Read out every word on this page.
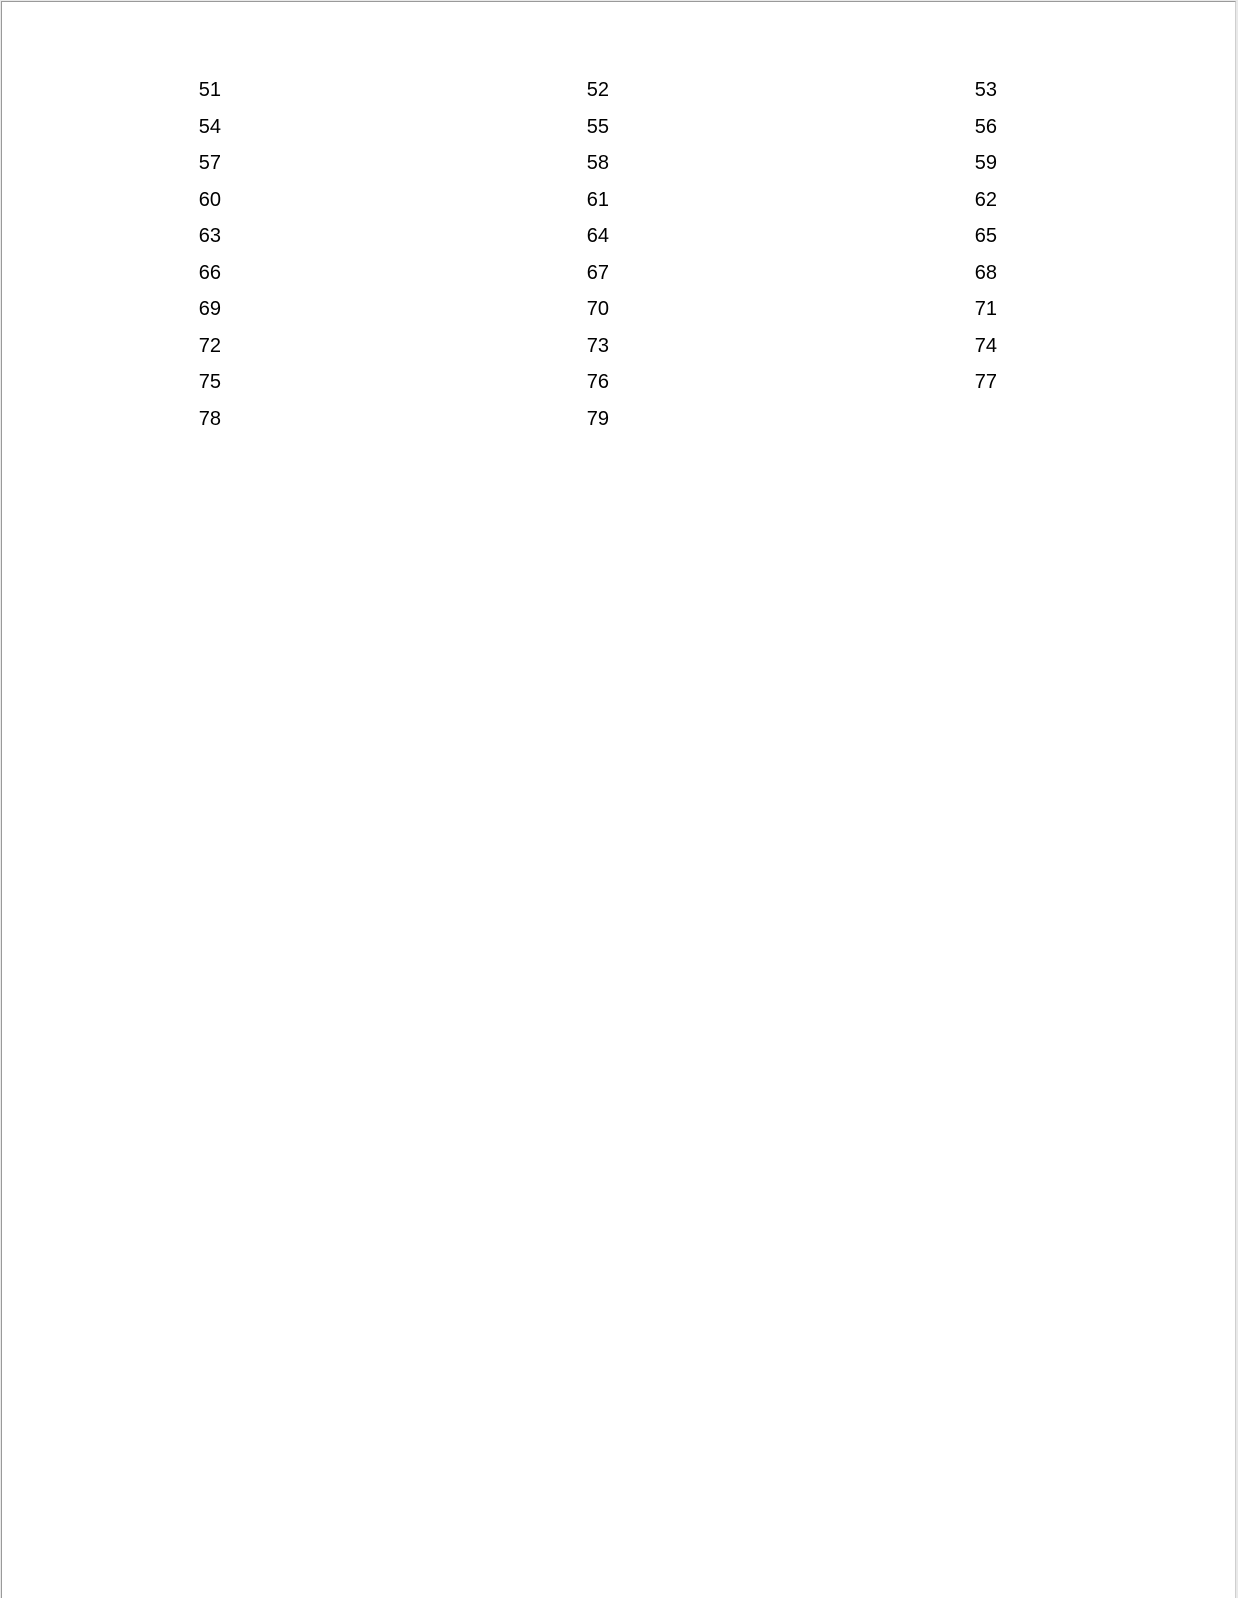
51	52	53
54	55	56
57	58	59
60	61	62
63	64	65
66	67	68
69	70	71
72	73	74
75	76	77
78	79
